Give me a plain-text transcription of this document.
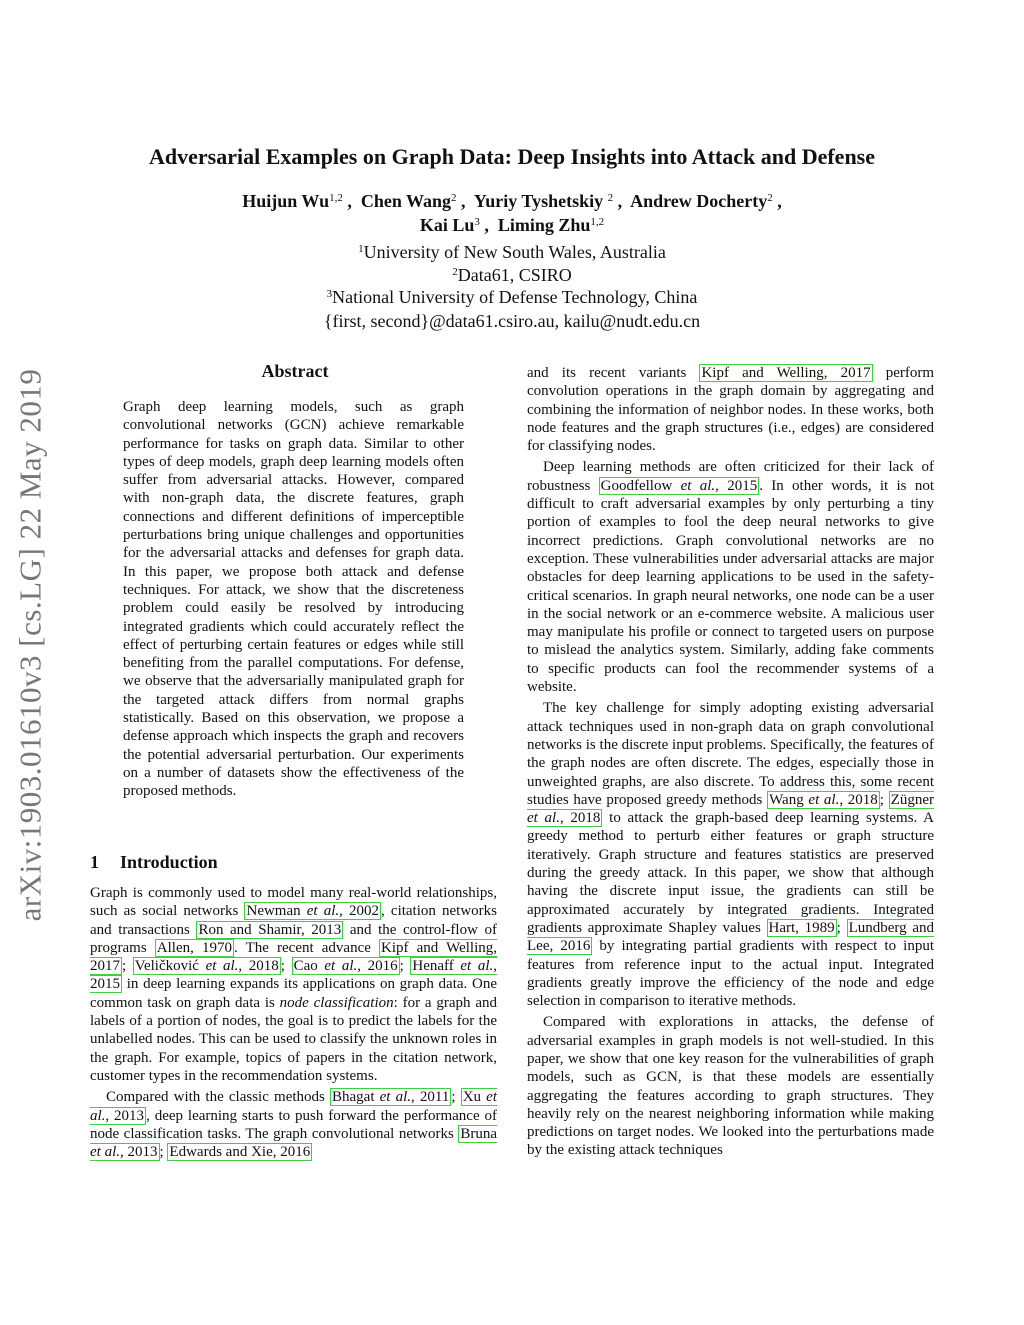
arXiv:1903.01610v3 [cs.LG] 22 May 2019
Adversarial Examples on Graph Data: Deep Insights into Attack and Defense
Huijun Wu$^{1,2}$ ,  Chen Wang$^2$ ,  Yuriy Tyshetskiy $^2$ ,  Andrew Docherty$^2$ ,
Kai Lu$^3$ ,  Liming Zhu$^{1,2}$
$^1$University of New South Wales, Australia
$^2$Data61, CSIRO
$^3$National University of Defense Technology, China
{first, second}@data61.csiro.au, kailu@nudt.edu.cn
Abstract

Graph deep learning models, such as graph convolutional networks (GCN) achieve remarkable performance for tasks on graph data. Similar to other types of deep models, graph deep learning models often suffer from adversarial attacks. However, compared with non-graph data, the discrete features, graph connections and different definitions of imperceptible perturbations bring unique challenges and opportunities for the adversarial attacks and defenses for graph data. In this paper, we propose both attack and defense techniques. For attack, we show that the discreteness problem could easily be resolved by introducing integrated gradients which could accurately reflect the effect of perturbing certain features or edges while still benefiting from the parallel computations. For defense, we observe that the adversarially manipulated graph for the targeted attack differs from normal graphs statistically. Based on this observation, we propose a defense approach which inspects the graph and recovers the potential adversarial perturbation. Our experiments on a number of datasets show the effectiveness of the proposed methods.

1 Introduction

Graph is commonly used to model many real-world relationships, such as social networks Newman et al., 2002 , citation networks and transactions Ron and Shamir, 2013 and the control-flow of programs Allen, 1970 . The recent advance Kipf and Welling, 2017 ; Veličković et al., 2018 ; Cao et al., 2016 ; Henaff et al., 2015 in deep learning expands its applications on graph data. One common task on graph data is node classification: for a graph and labels of a portion of nodes, the goal is to predict the labels for the unlabelled nodes. This can be used to classify the unknown roles in the graph. For example, topics of papers in the citation network, customer types in the recommendation systems.

Compared with the classic methods Bhagat et al., 2011 ; Xu et al., 2013 , deep learning starts to push forward the performance of node classification tasks. The graph convolutional networks Bruna et al., 2013 ; Edwards and Xie, 2016

and its recent variants Kipf and Welling, 2017 perform convolution operations in the graph domain by aggregating and combining the information of neighbor nodes. In these works, both node features and the graph structures (i.e., edges) are considered for classifying nodes.

Deep learning methods are often criticized for their lack of robustness Goodfellow et al., 2015 . In other words, it is not difficult to craft adversarial examples by only perturbing a tiny portion of examples to fool the deep neural networks to give incorrect predictions. Graph convolutional networks are no exception. These vulnerabilities under adversarial attacks are major obstacles for deep learning applications to be used in the safety-critical scenarios. In graph neural networks, one node can be a user in the social network or an e-commerce website. A malicious user may manipulate his profile or connect to targeted users on purpose to mislead the analytics system. Similarly, adding fake comments to specific products can fool the recommender systems of a website.

The key challenge for simply adopting existing adversarial attack techniques used in non-graph data on graph convolutional networks is the discrete input problems. Specifically, the features of the graph nodes are often discrete. The edges, especially those in unweighted graphs, are also discrete. To address this, some recent studies have proposed greedy methods Wang et al., 2018 ; Zügner et al., 2018 to attack the graph-based deep learning systems. A greedy method to perturb either features or graph structure iteratively. Graph structure and features statistics are preserved during the greedy attack. In this paper, we show that although having the discrete input issue, the gradients can still be approximated accurately by integrated gradients. Integrated gradients approximate Shapley values Hart, 1989 ; Lundberg and Lee, 2016 by integrating partial gradients with respect to input features from reference input to the actual input. Integrated gradients greatly improve the efficiency of the node and edge selection in comparison to iterative methods.

Compared with explorations in attacks, the defense of adversarial examples in graph models is not well-studied. In this paper, we show that one key reason for the vulnerabilities of graph models, such as GCN, is that these models are essentially aggregating the features according to graph structures. They heavily rely on the nearest neighboring information while making predictions on target nodes. We looked into the perturbations made by the existing attack techniques
